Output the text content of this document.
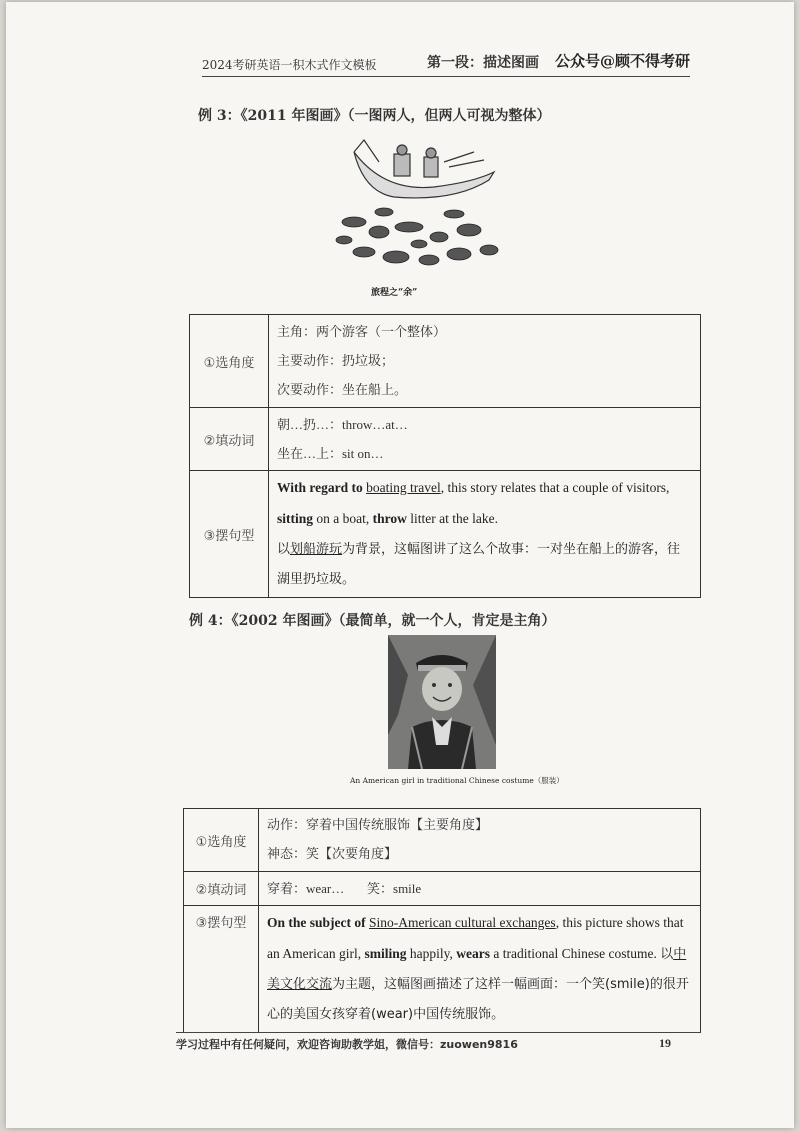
2024考研英语一积木式作文模板	第一段：描述图画 公众号@顾不得考研
例 3：《2011 年图画》（一图两人，但两人可视为整体）
旅程之“余”
①选角度	主角：两个游客（一个整体）
主要动作：扔垃圾；
次要动作：坐在船上。

②填动词	朝…扔…：throw…at…
坐在…上：sit on…

③摆句型	With regard to boating travel, this story relates that a couple of visitors, sitting on a boat, throw litter at the lake.
以划船游玩为背景，这幅图讲了这么个故事：一对坐在船上的游客，往湖里扔垃圾。
例 4：《2002 年图画》（最简单，就一个人，肯定是主角）
An American girl in traditional Chinese costume（服装）
①选角度	动作：穿着中国传统服饰【主要角度】
神态：笑【次要角度】

②填动词	穿着：wear…       笑：smile

③摆句型	On the subject of Sino-American cultural exchanges, this picture shows that an American girl, smiling happily, wears a traditional Chinese costume. 以中美文化交流为主题，这幅图画描述了这样一幅画面：一个笑(smile)的很开心的美国女孩穿着(wear)中国传统服饰。
学习过程中有任何疑问，欢迎咨询助教学姐，微信号：zuowen9816	19
